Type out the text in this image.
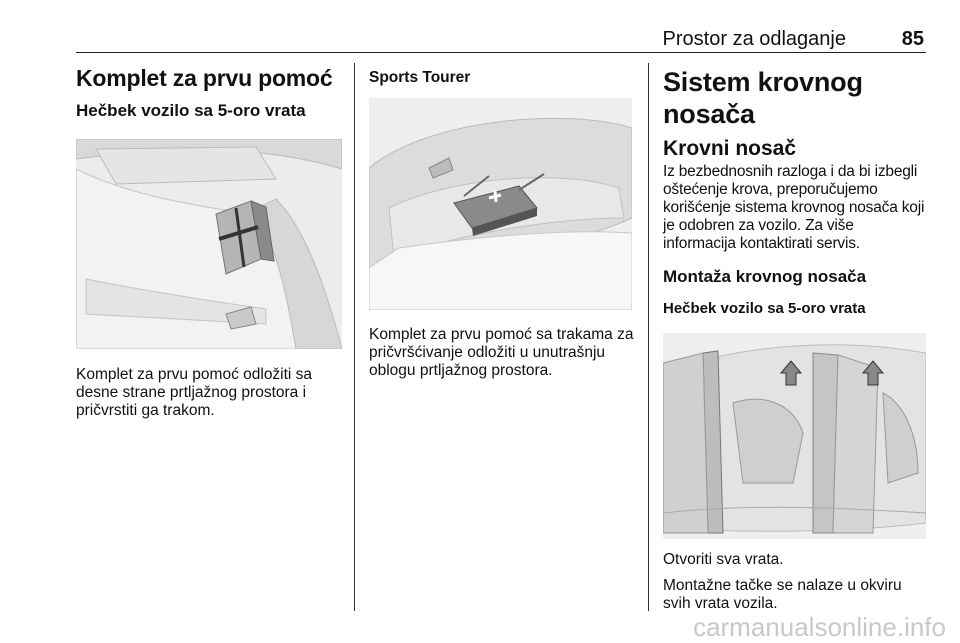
Prostor za odlaganje	85
Komplet za prvu pomoć
Hečbek vozilo sa 5-oro vrata

Komplet za prvu pomoć odložiti sa desne strane prtljažnog prostora i pričvrstiti ga trakom.

Sports Tourer

Komplet za prvu pomoć sa trakama za pričvršćivanje odložiti u unutrašnju oblogu prtljažnog prostora.

Sistem krovnog nosača
Krovni nosač

Iz bezbednosnih razloga i da bi izbegli oštećenje krova, preporučujemo korišćenje sistema krovnog nosača koji je odobren za vozilo. Za više informacija kontaktirati servis.

Montaža krovnog nosača
Hečbek vozilo sa 5-oro vrata

Otvoriti sva vrata.

Montažne tačke se nalaze u okviru svih vrata vozila.

carmanualsonline.info
